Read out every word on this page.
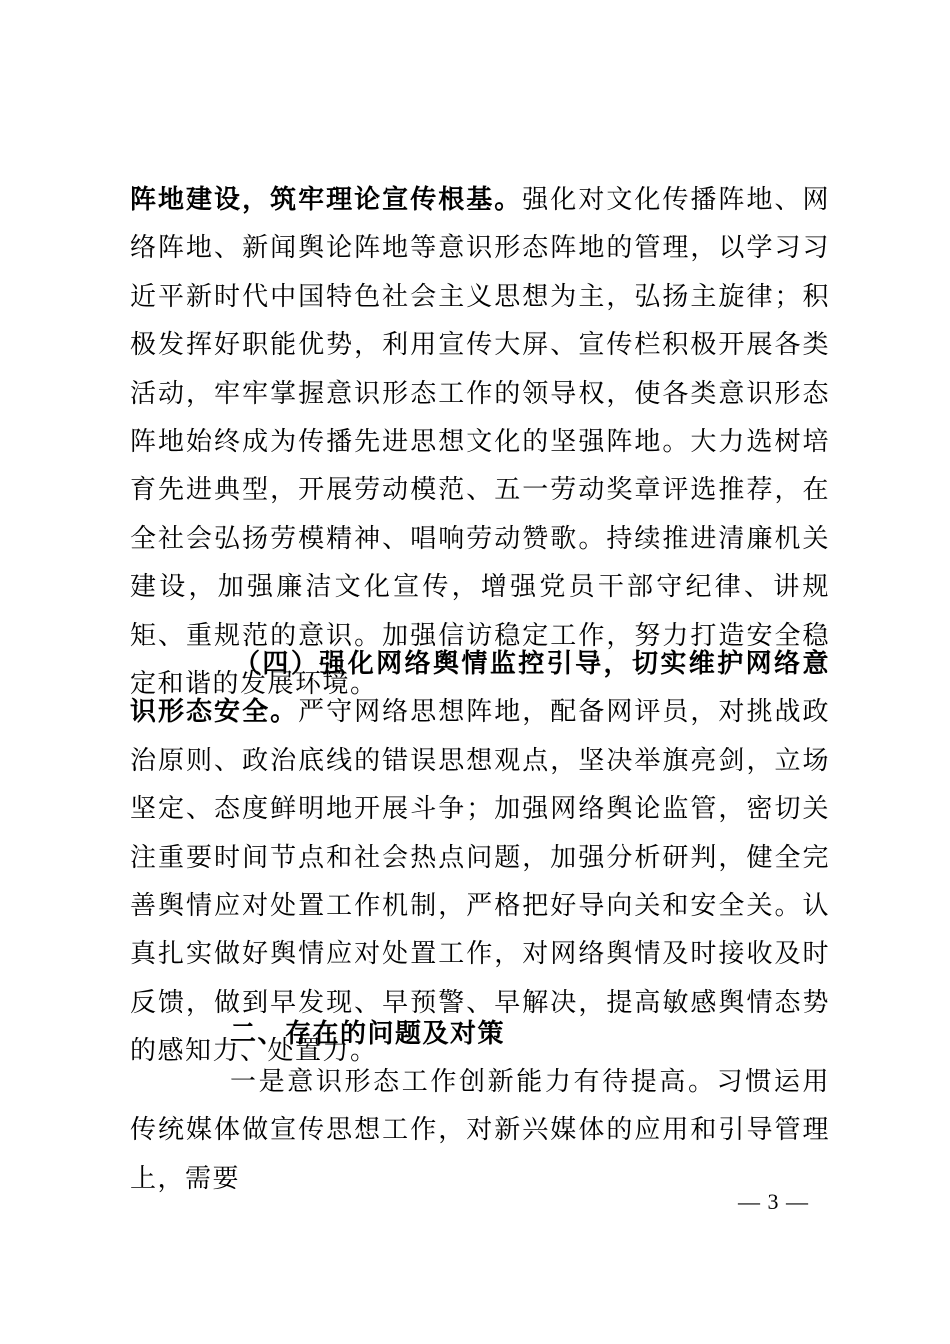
阵地建设，筑牢理论宣传根基。强化对文化传播阵地、网络阵地、新闻舆论阵地等意识形态阵地的管理，以学习习近平新时代中国特色社会主义思想为主，弘扬主旋律；积极发挥好职能优势，利用宣传大屏、宣传栏积极开展各类活动，牢牢掌握意识形态工作的领导权，使各类意识形态阵地始终成为传播先进思想文化的坚强阵地。大力选树培育先进典型，开展劳动模范、五一劳动奖章评选推荐，在全社会弘扬劳模精神、唱响劳动赞歌。持续推进清廉机关建设，加强廉洁文化宣传，增强党员干部守纪律、讲规矩、重规范的意识。加强信访稳定工作，努力打造安全稳定和谐的发展环境。

（四）强化网络舆情监控引导，切实维护网络意识形态安全。严守网络思想阵地，配备网评员，对挑战政治原则、政治底线的错误思想观点，坚决举旗亮剑，立场坚定、态度鲜明地开展斗争；加强网络舆论监管，密切关注重要时间节点和社会热点问题，加强分析研判，健全完善舆情应对处置工作机制，严格把好导向关和安全关。认真扎实做好舆情应对处置工作，对网络舆情及时接收及时反馈，做到早发现、早预警、早解决，提高敏感舆情态势的感知力、处置力。

二、存在的问题及对策

一是意识形态工作创新能力有待提高。习惯运用传统媒体做宣传思想工作，对新兴媒体的应用和引导管理上，需要

— 3 —
